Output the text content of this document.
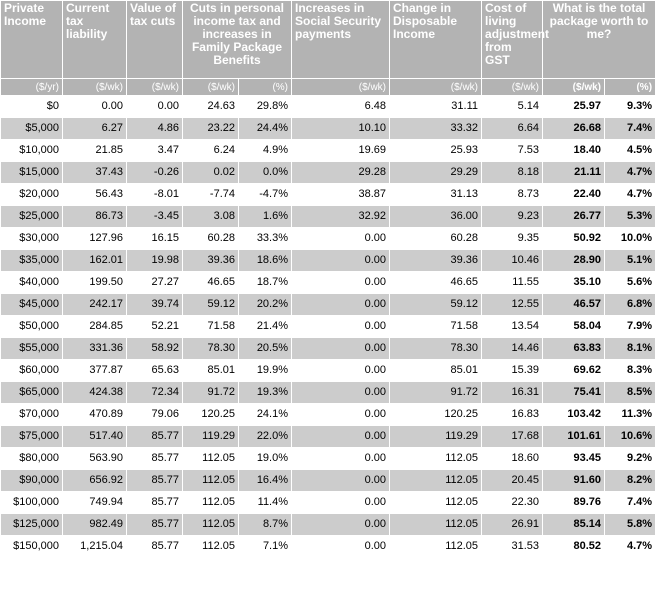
Private Income	Current tax liability	Value of tax cuts	Cuts in personal income tax and increases in Family Package Benefits		Increases in Social Security payments	Change in Disposable Income	Cost of living adjustment from GST	What is the total package worth to me?	
($/yr)	($/wk)	($/wk)	($/wk)	(%)	($/wk)	($/wk)	($/wk)	($/wk)	(%)
$0	0.00	0.00	24.63	29.8%	6.48	31.11	5.14	25.97	9.3%
$5,000	6.27	4.86	23.22	24.4%	10.10	33.32	6.64	26.68	7.4%
$10,000	21.85	3.47	6.24	4.9%	19.69	25.93	7.53	18.40	4.5%
$15,000	37.43	-0.26	0.02	0.0%	29.28	29.29	8.18	21.11	4.7%
$20,000	56.43	-8.01	-7.74	-4.7%	38.87	31.13	8.73	22.40	4.7%
$25,000	86.73	-3.45	3.08	1.6%	32.92	36.00	9.23	26.77	5.3%
$30,000	127.96	16.15	60.28	33.3%	0.00	60.28	9.35	50.92	10.0%
$35,000	162.01	19.98	39.36	18.6%	0.00	39.36	10.46	28.90	5.1%
$40,000	199.50	27.27	46.65	18.7%	0.00	46.65	11.55	35.10	5.6%
$45,000	242.17	39.74	59.12	20.2%	0.00	59.12	12.55	46.57	6.8%
$50,000	284.85	52.21	71.58	21.4%	0.00	71.58	13.54	58.04	7.9%
$55,000	331.36	58.92	78.30	20.5%	0.00	78.30	14.46	63.83	8.1%
$60,000	377.87	65.63	85.01	19.9%	0.00	85.01	15.39	69.62	8.3%
$65,000	424.38	72.34	91.72	19.3%	0.00	91.72	16.31	75.41	8.5%
$70,000	470.89	79.06	120.25	24.1%	0.00	120.25	16.83	103.42	11.3%
$75,000	517.40	85.77	119.29	22.0%	0.00	119.29	17.68	101.61	10.6%
$80,000	563.90	85.77	112.05	19.0%	0.00	112.05	18.60	93.45	9.2%
$90,000	656.92	85.77	112.05	16.4%	0.00	112.05	20.45	91.60	8.2%
$100,000	749.94	85.77	112.05	11.4%	0.00	112.05	22.30	89.76	7.4%
$125,000	982.49	85.77	112.05	8.7%	0.00	112.05	26.91	85.14	5.8%
$150,000	1,215.04	85.77	112.05	7.1%	0.00	112.05	31.53	80.52	4.7%
